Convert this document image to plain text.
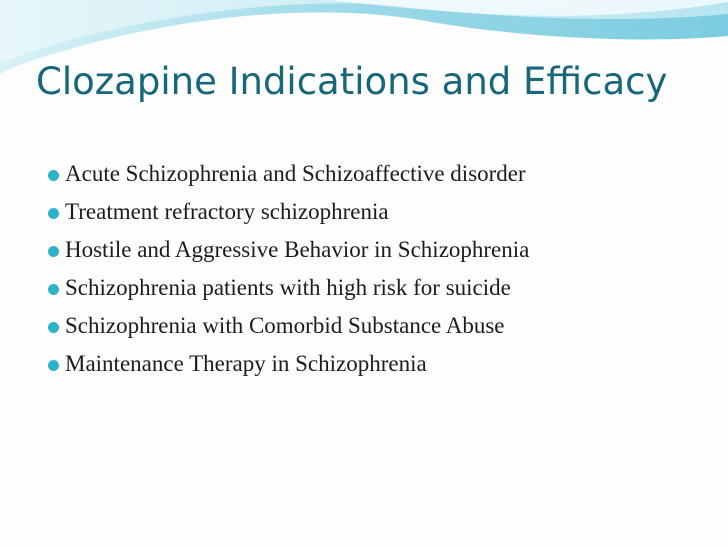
Clozapine Indications and Efficacy
Acute Schizophrenia and Schizoaffective disorder
Treatment refractory schizophrenia
Hostile and Aggressive Behavior in Schizophrenia
Schizophrenia patients with high risk for suicide
Schizophrenia with Comorbid Substance Abuse
Maintenance Therapy in Schizophrenia
